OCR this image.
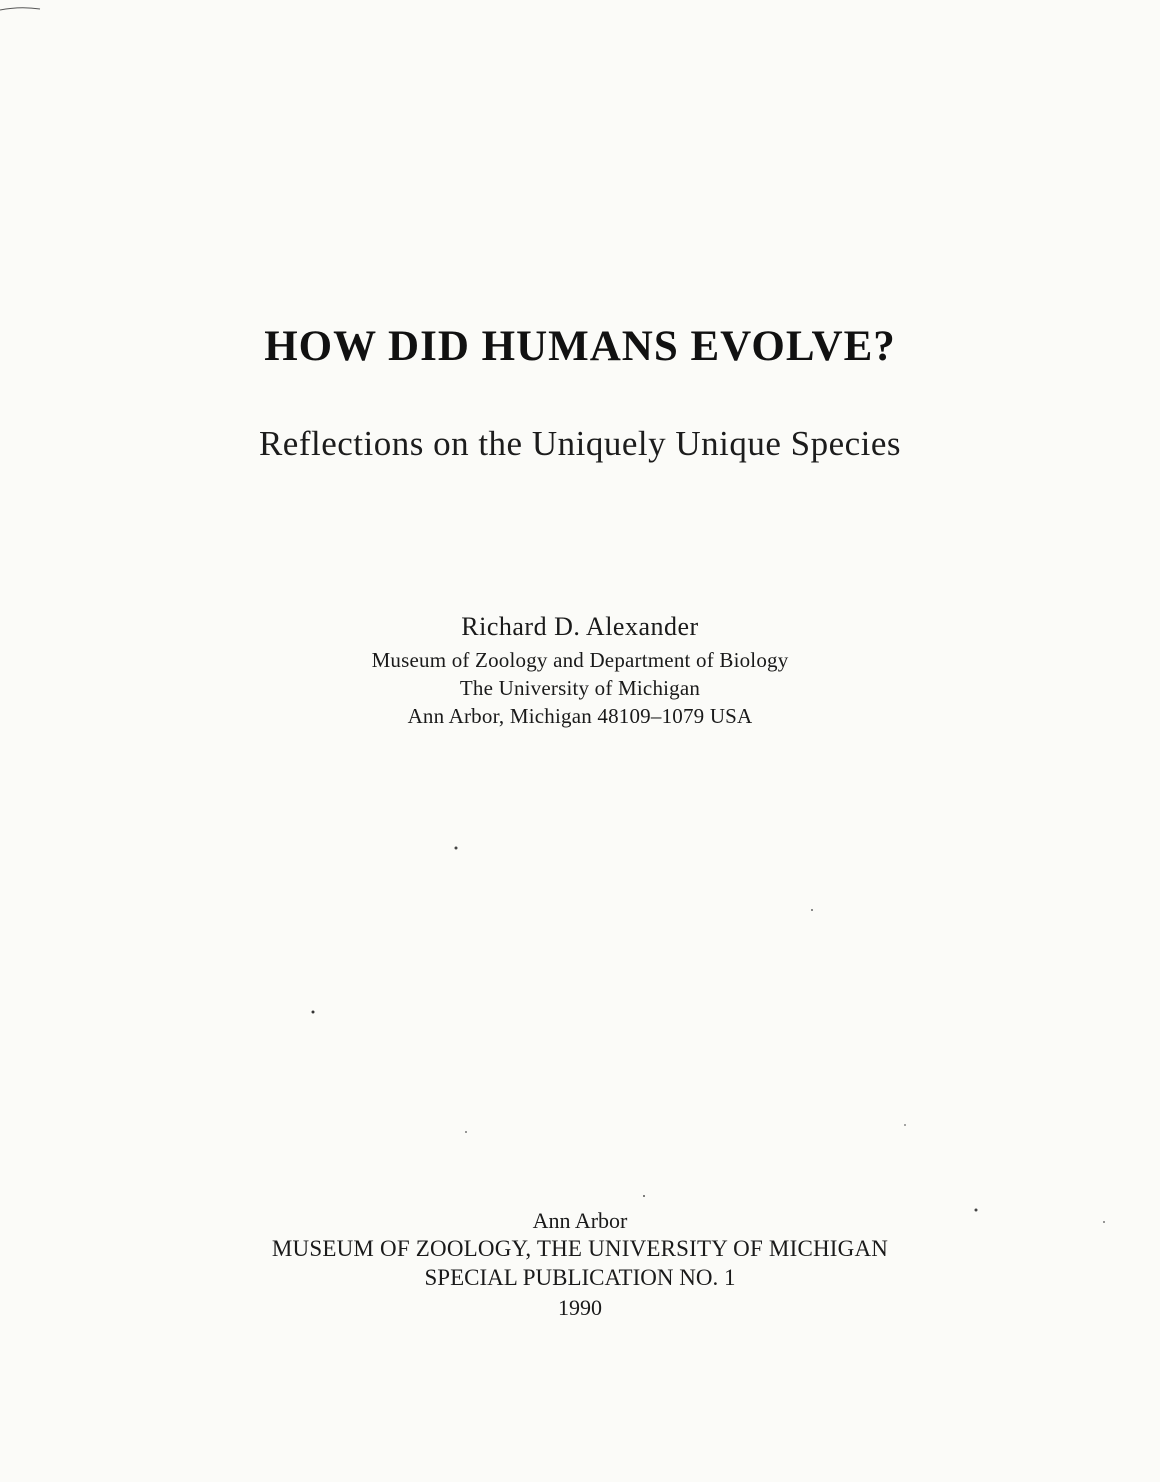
HOW DID HUMANS EVOLVE?
Reflections on the Uniquely Unique Species
Richard D. Alexander
Museum of Zoology and Department of Biology
The University of Michigan
Ann Arbor, Michigan 48109–1079 USA
Ann Arbor
MUSEUM OF ZOOLOGY, THE UNIVERSITY OF MICHIGAN
SPECIAL PUBLICATION NO. 1
1990
